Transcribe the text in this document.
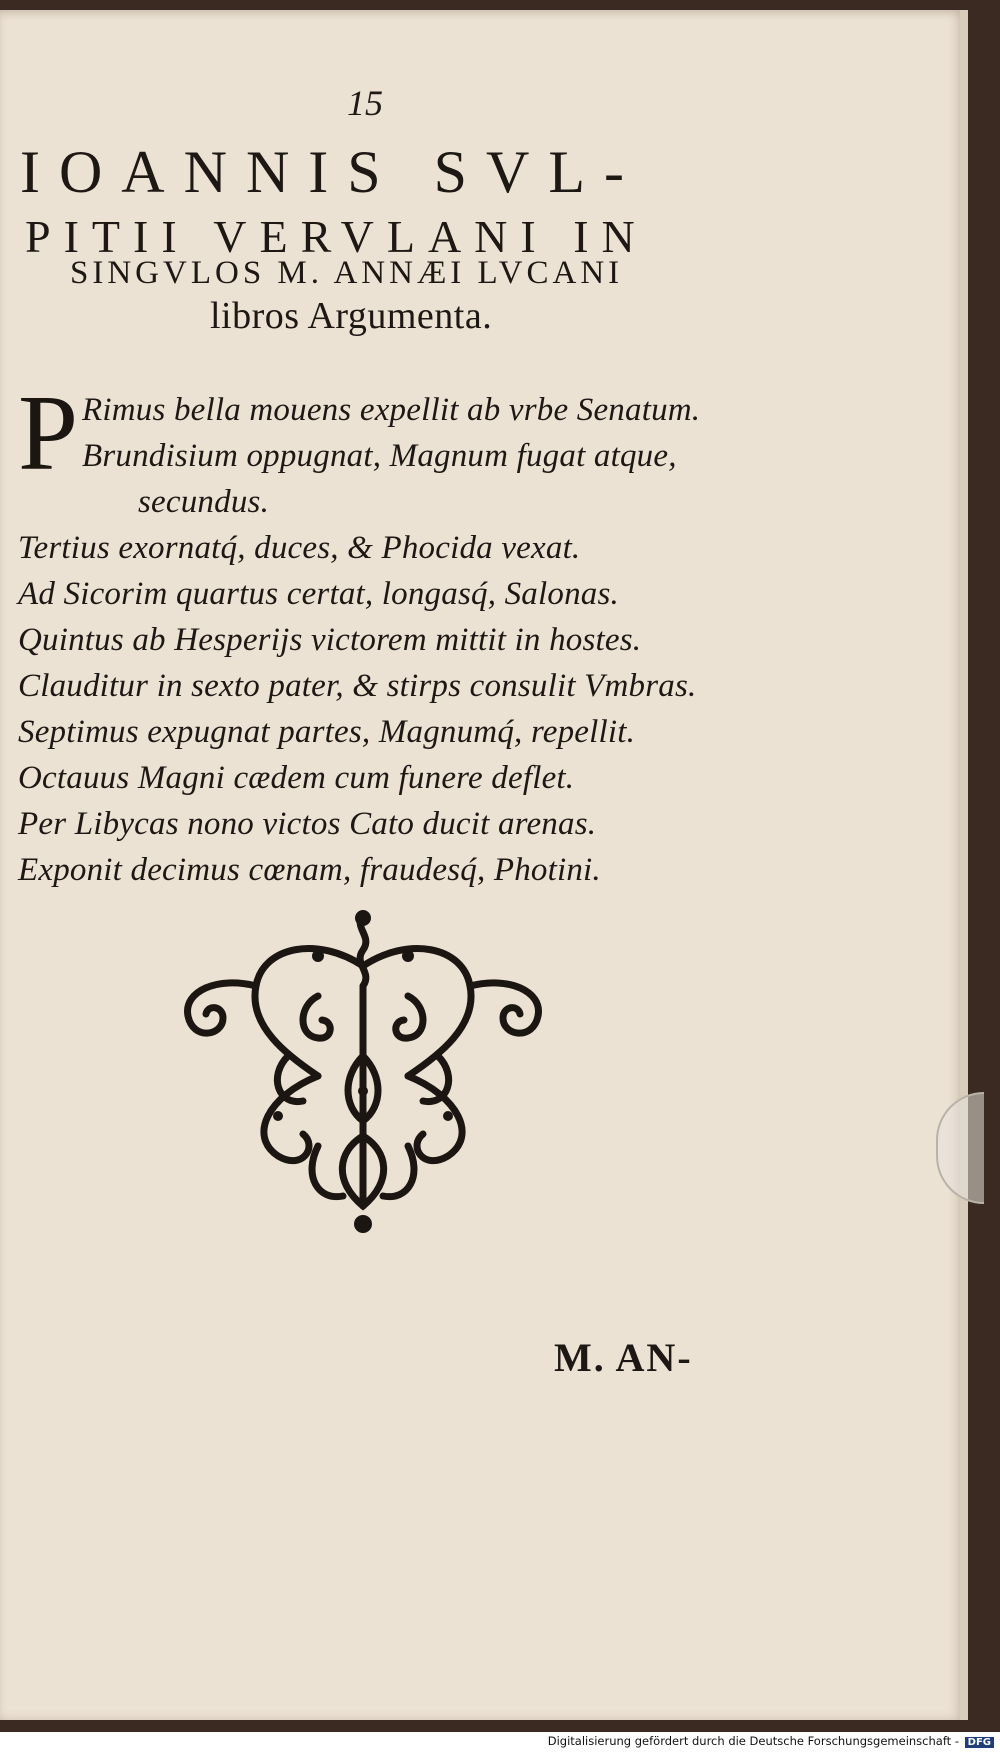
15
IOANNIS SVL-
PITII VERVLANI IN
SINGVLOS M. ANNÆI LVCANI
libros Argumenta.
P Rimus bella mouens expellit ab vrbe Senatum.
Brundisium oppugnat, Magnum fugat atque,
secundus.
Tertius exornatq́, duces, & Phocida vexat.
Ad Sicorim quartus certat, longasq́, Salonas.
Quintus ab Hesperijs victorem mittit in hostes.
Clauditur in sexto pater, & stirps consulit Vmbras.
Septimus expugnat partes, Magnumq́, repellit.
Octauus Magni cædem cum funere deflet.
Per Libycas nono victos Cato ducit arenas.
Exponit decimus cœnam, fraudesq́, Photini.
M. AN-
Digitalisierung gefördert durch die Deutsche Forschungsgemeinschaft - DFG
